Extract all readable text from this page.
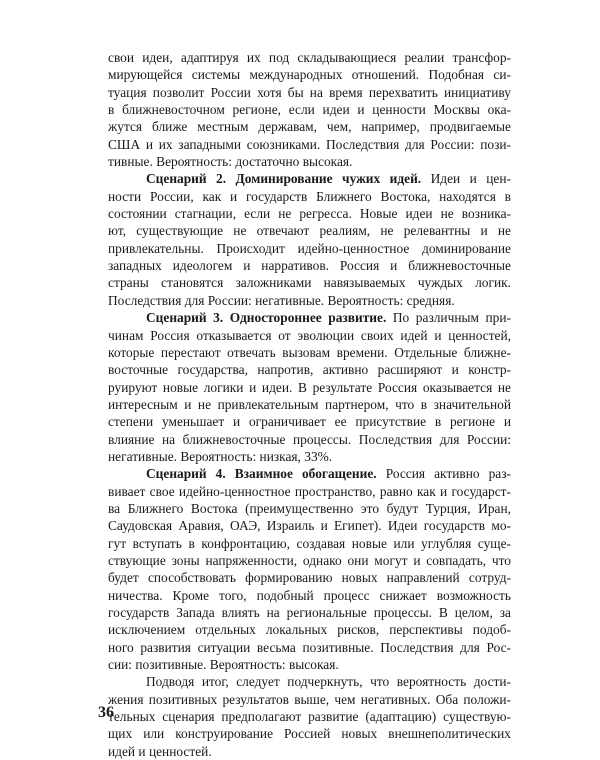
свои идеи, адаптируя их под складывающиеся реалии трансфор-
мирующейся системы международных отношений. Подобная си-
туация позволит России хотя бы на время перехватить инициативу
в ближневосточном регионе, если идеи и ценности Москвы ока-
жутся ближе местным державам, чем, например, продвигаемые
США и их западными союзниками. Последствия для России: пози-
тивные. Вероятность: достаточно высокая.
Сценарий 2. Доминирование чужих идей. Идеи и цен-
ности России, как и государств Ближнего Востока, находятся в
состоянии стагнации, если не регресса. Новые идеи не возника-
ют, существующие не отвечают реалиям, не релевантны и не
привлекательны. Происходит идейно-ценностное доминирование
западных идеологем и нарративов. Россия и ближневосточные
страны становятся заложниками навязываемых чуждых логик.
Последствия для России: негативные. Вероятность: средняя.
Сценарий 3. Одностороннее развитие. По различным при-
чинам Россия отказывается от эволюции своих идей и ценностей,
которые перестают отвечать вызовам времени. Отдельные ближне-
восточные государства, напротив, активно расширяют и констр-
руируют новые логики и идеи. В результате Россия оказывается не
интересным и не привлекательным партнером, что в значительной
степени уменьшает и ограничивает ее присутствие в регионе и
влияние на ближневосточные процессы. Последствия для России:
негативные. Вероятность: низкая, 33%.
Сценарий 4. Взаимное обогащение. Россия активно раз-
вивает свое идейно-ценностное пространство, равно как и государст-
ва Ближнего Востока (преимущественно это будут Турция, Иран,
Саудовская Аравия, ОАЭ, Израиль и Египет). Идеи государств мо-
гут вступать в конфронтацию, создавая новые или углубляя суще-
ствующие зоны напряженности, однако они могут и совпадать, что
будет способствовать формированию новых направлений сотруд-
ничества. Кроме того, подобный процесс снижает возможность
государств Запада влиять на региональные процессы. В целом, за
исключением отдельных локальных рисков, перспективы подоб-
ного развития ситуации весьма позитивные. Последствия для Рос-
сии: позитивные. Вероятность: высокая.
Подводя итог, следует подчеркнуть, что вероятность дости-
жения позитивных результатов выше, чем негативных. Оба положи-
тельных сценария предполагают развитие (адаптацию) существую-
щих или конструирование Россией новых внешнеполитических
идей и ценностей.
36
